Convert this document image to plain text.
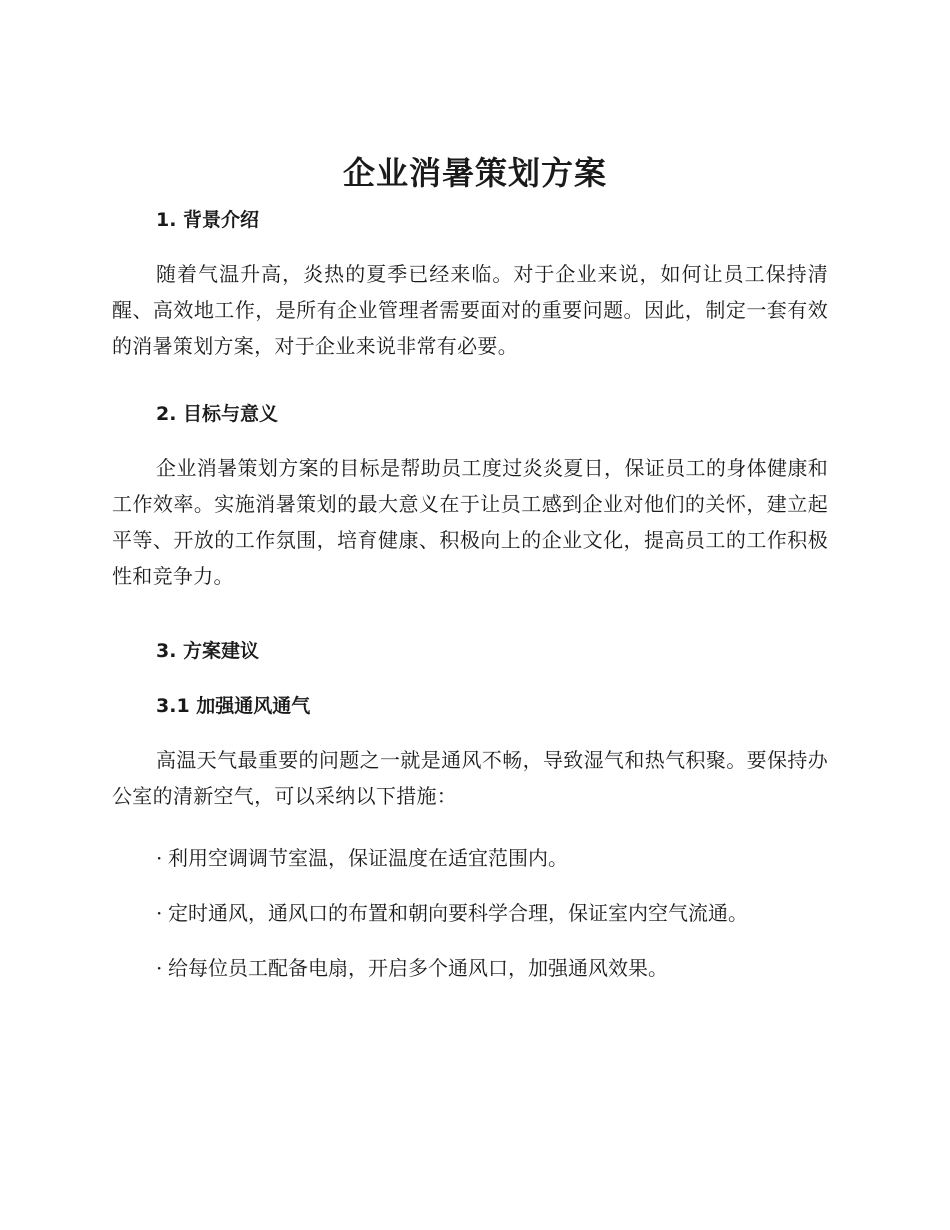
企业消暑策划方案
1. 背景介绍

随着气温升高，炎热的夏季已经来临。对于企业来说，如何让员工保持清醒、高效地工作，是所有企业管理者需要面对的重要问题。因此，制定一套有效的消暑策划方案，对于企业来说非常有必要。

2. 目标与意义

企业消暑策划方案的目标是帮助员工度过炎炎夏日，保证员工的身体健康和工作效率。实施消暑策划的最大意义在于让员工感到企业对他们的关怀，建立起平等、开放的工作氛围，培育健康、积极向上的企业文化，提高员工的工作积极性和竞争力。

3. 方案建议
3.1 加强通风通气

高温天气最重要的问题之一就是通风不畅，导致湿气和热气积聚。要保持办公室的清新空气，可以采纳以下措施：

· 利用空调调节室温，保证温度在适宜范围内。

· 定时通风，通风口的布置和朝向要科学合理，保证室内空气流通。

· 给每位员工配备电扇，开启多个通风口，加强通风效果。
